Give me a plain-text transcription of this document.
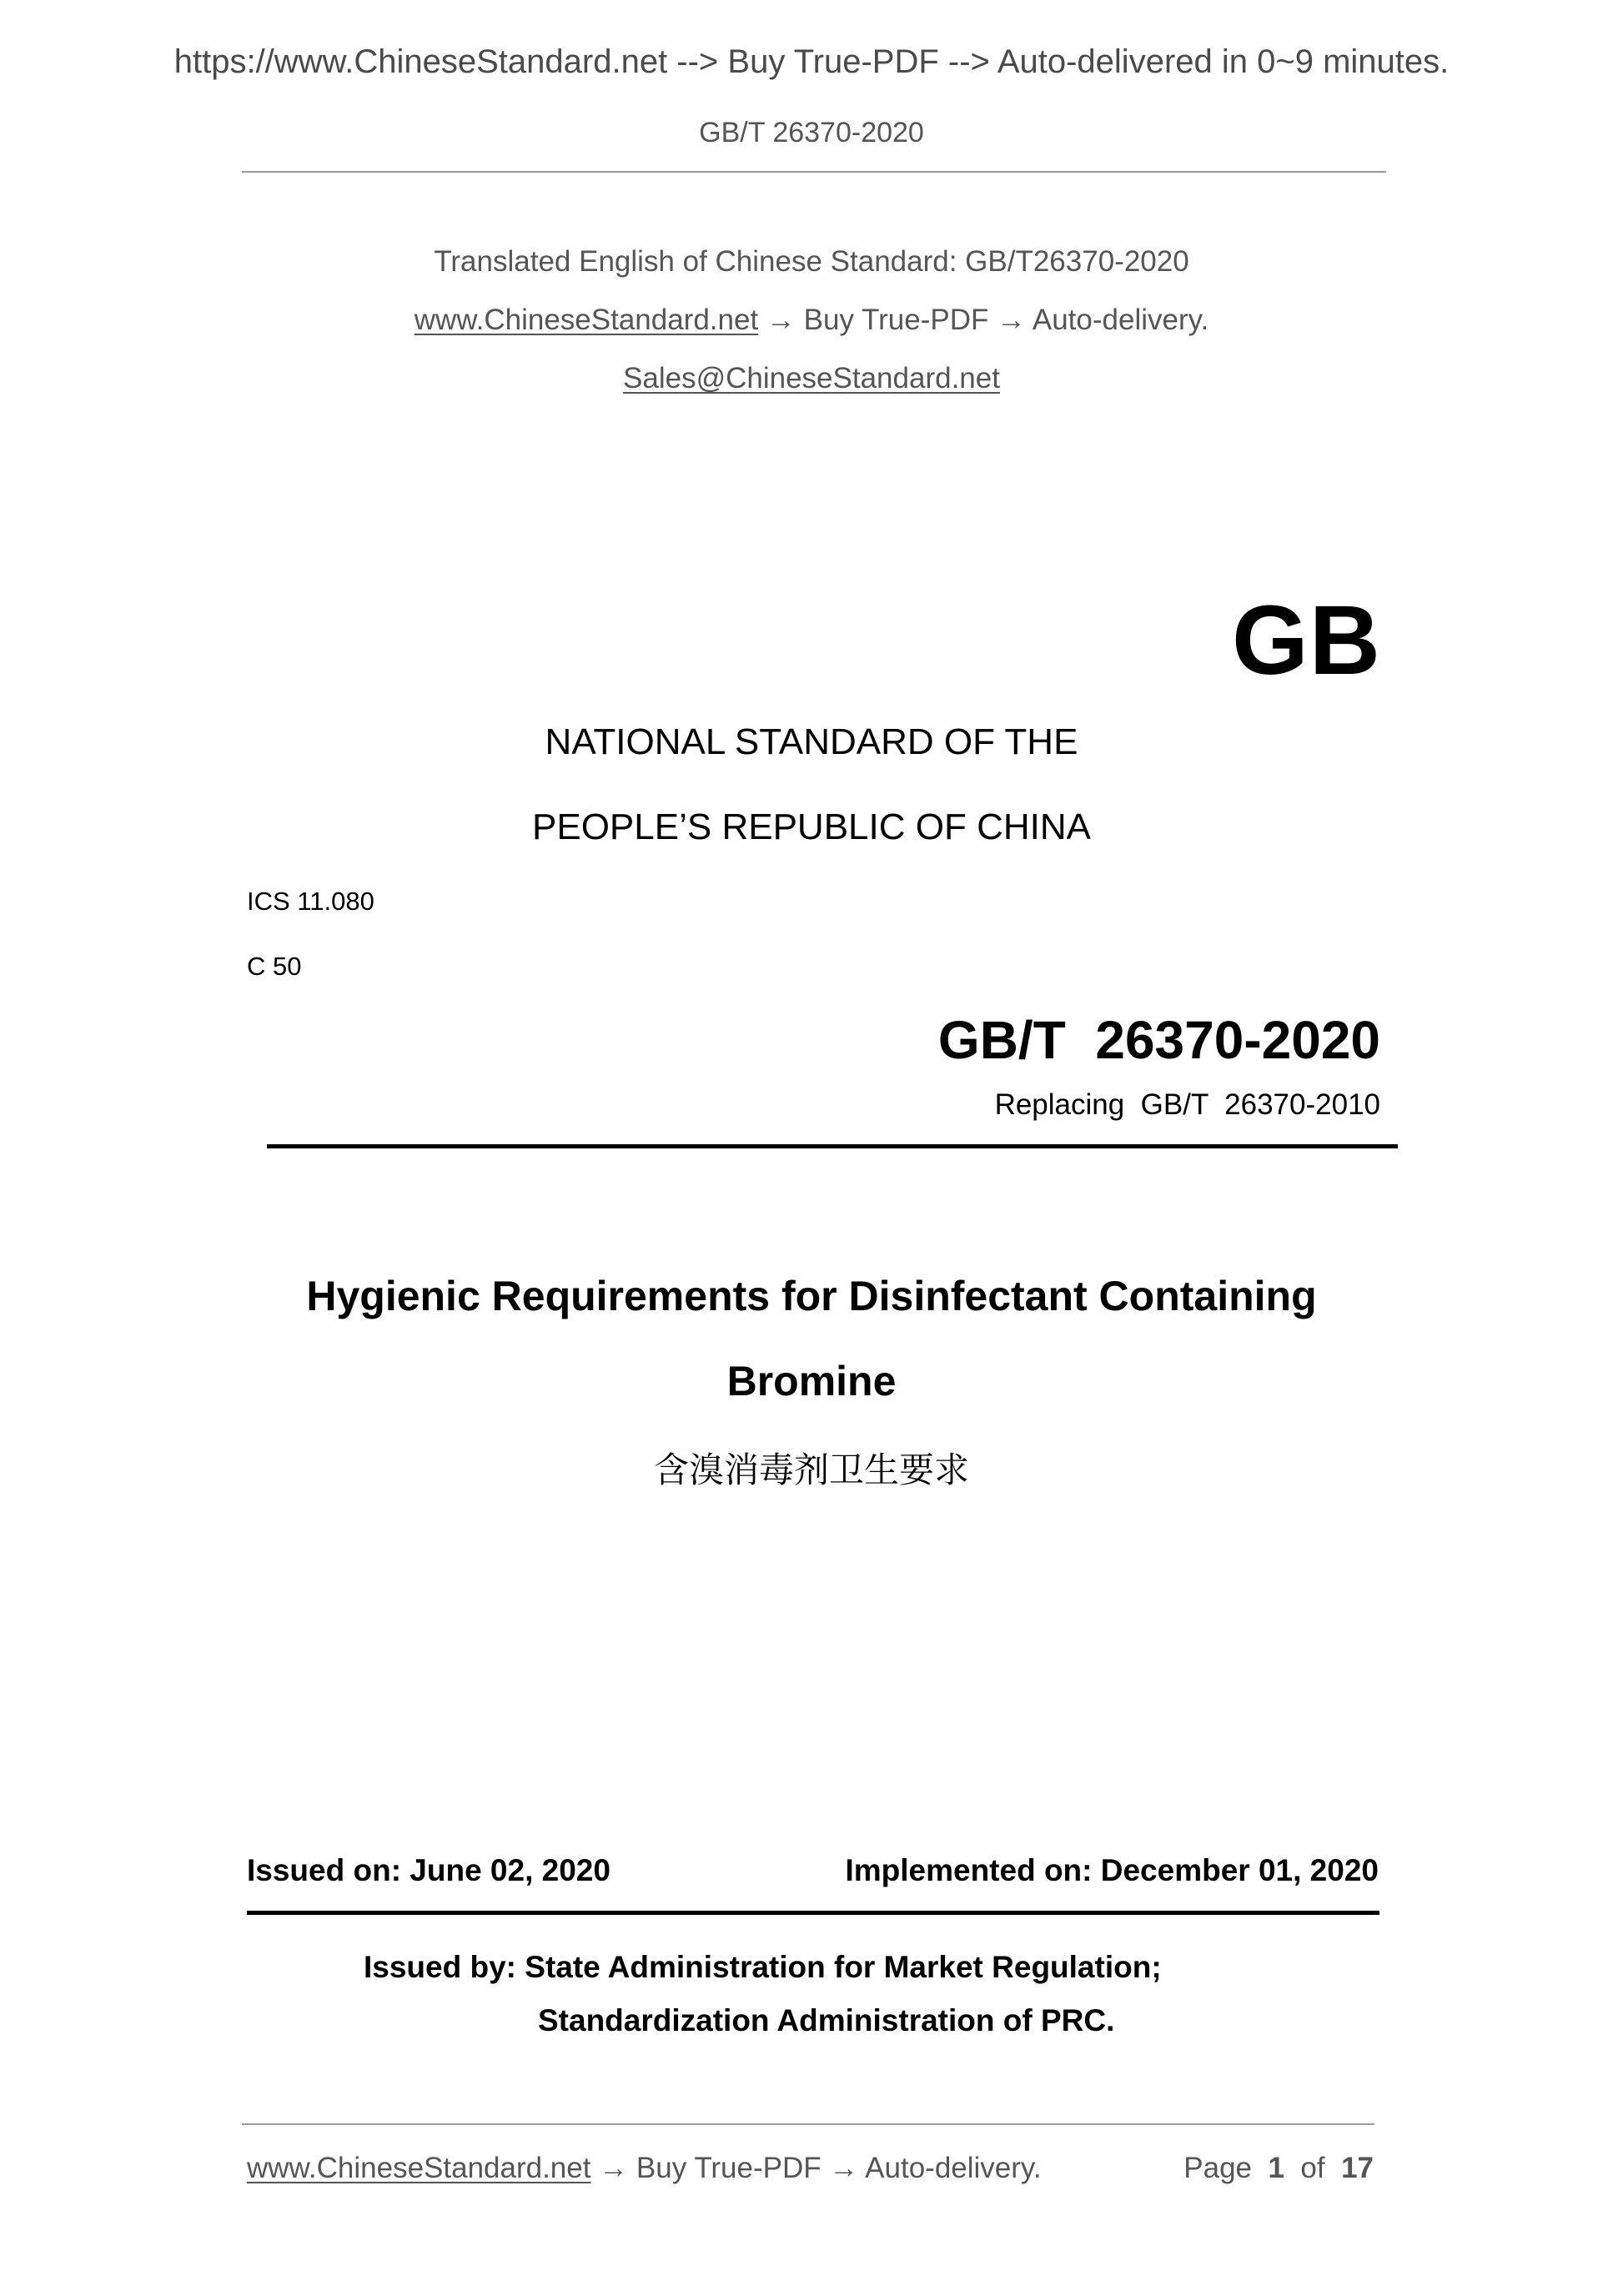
https://www.ChineseStandard.net --> Buy True-PDF --> Auto-delivered in 0~9 minutes.
GB/T 26370-2020
Translated English of Chinese Standard: GB/T26370-2020
www.ChineseStandard.net → Buy True-PDF → Auto-delivery.
Sales@ChineseStandard.net
GB
NATIONAL STANDARD OF THE
PEOPLE’S REPUBLIC OF CHINA
ICS 11.080
C 50
GB/T  26370-2020
Replacing  GB/T  26370-2010
Hygienic Requirements for Disinfectant Containing
Bromine
含溴消毒剂卫生要求
Issued on: June 02, 2020	Implemented on: December 01, 2020
Issued by: State Administration for Market Regulation;
Standardization Administration of PRC.
www.ChineseStandard.net → Buy True-PDF → Auto-delivery.	Page 1 of 17
